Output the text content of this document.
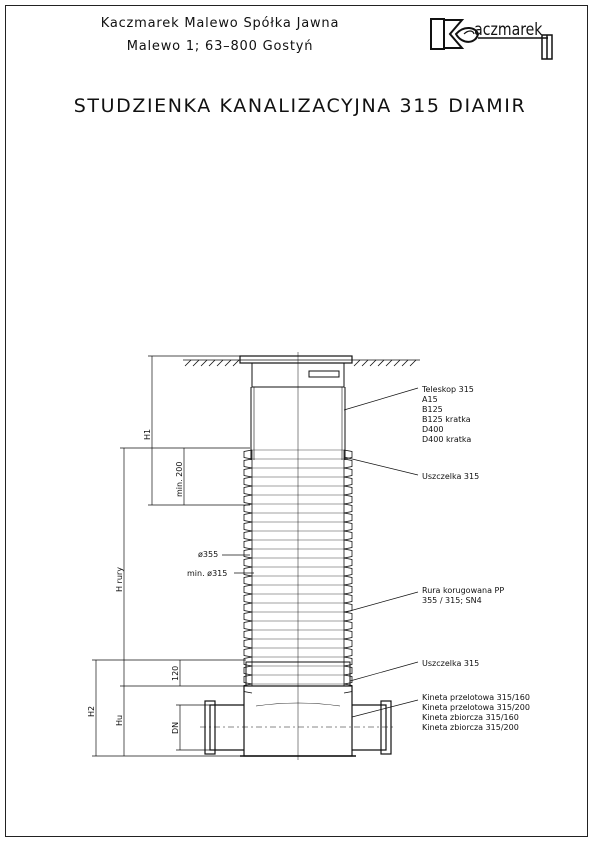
Kaczmarek Malewo Spółka Jawna
Malewo 1; 63–800 Gostyń
aczmarek
STUDZIENKA KANALIZACYJNA 315 DIAMIR
H1
min. 200
H rury
ø355
min. ø315
120
H2
Hu
DN
Teleskop 315 A15 B125 B125 kratka D400 D400 kratka
Uszczelka 315
Rura korugowana PP 355 / 315; SN4
Uszczelka 315
Kineta przelotowa 315/160 Kineta przelotowa 315/200 Kineta zbiorcza 315/160 Kineta zbiorcza 315/200
